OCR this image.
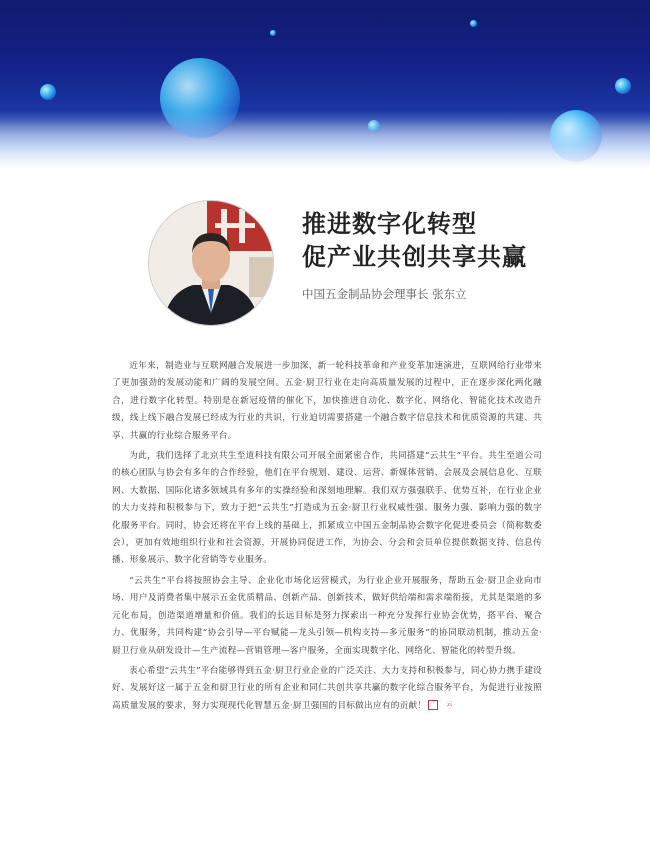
推进数字化转型
促产业共创共享共赢
中国五金制品协会理事长 张东立

近年来，制造业与互联网融合发展进一步加深，新一轮科技革命和产业变革加速演进，互联网给行业带来了更加强劲的发展动能和广阔的发展空间。五金·厨卫行业在走向高质量发展的过程中，正在逐步深化两化融合，进行数字化转型。特别是在新冠疫情的催化下，加快推进自动化、数字化、网络化、智能化技术改造升级，线上线下融合发展已经成为行业的共识，行业迫切需要搭建一个融合数字信息技术和优质资源的共建、共享、共赢的行业综合服务平台。

为此，我们选择了北京共生至道科技有限公司开展全面紧密合作，共同搭建“云共生”平台。共生至道公司的核心团队与协会有多年的合作经验，他们在平台规划、建设、运营、新媒体营销、会展及会展信息化、互联网、大数据、国际化诸多领域具有多年的实操经验和深刻地理解。我们双方强强联手、优势互补，在行业企业的大力支持和积极参与下，致力于把“云共生”打造成为五金·厨卫行业权威性强、服务力强、影响力强的数字化服务平台。同时，协会还将在平台上线的基础上，抓紧成立中国五金制品协会数字化促进委员会（简称数委会），更加有效地组织行业和社会资源，开展协同促进工作，为协会、分会和会员单位提供数据支持、信息传播、形象展示、数字化营销等专业服务。

“云共生”平台将按照协会主导、企业化市场化运营模式，为行业企业开展服务，帮助五金·厨卫企业向市场、用户及消费者集中展示五金优质精品、创新产品、创新技术，做好供给端和需求端衔接，尤其是渠道的多元化布局，创造渠道增量和价值。我们的长远目标是努力探索出一种充分发挥行业协会优势，搭平台、聚合力、优服务，共同构建“协会引导—平台赋能—龙头引领—机构支持—多元服务”的协同联动机制，推动五金·厨卫行业从研发设计—生产流程—营销管理—客户服务，全面实现数字化、网络化、智能化的转型升级。

衷心希望“云共生”平台能够得到五金·厨卫行业企业的广泛关注、大力支持和积极参与，同心协力携手建设好、发展好这一属于五金和厨卫行业的所有企业和同仁共创共享共赢的数字化综合服务平台，为促进行业按照高质量发展的要求，努力实现现代化智慧五金·厨卫强国的目标做出应有的贡献！	云
